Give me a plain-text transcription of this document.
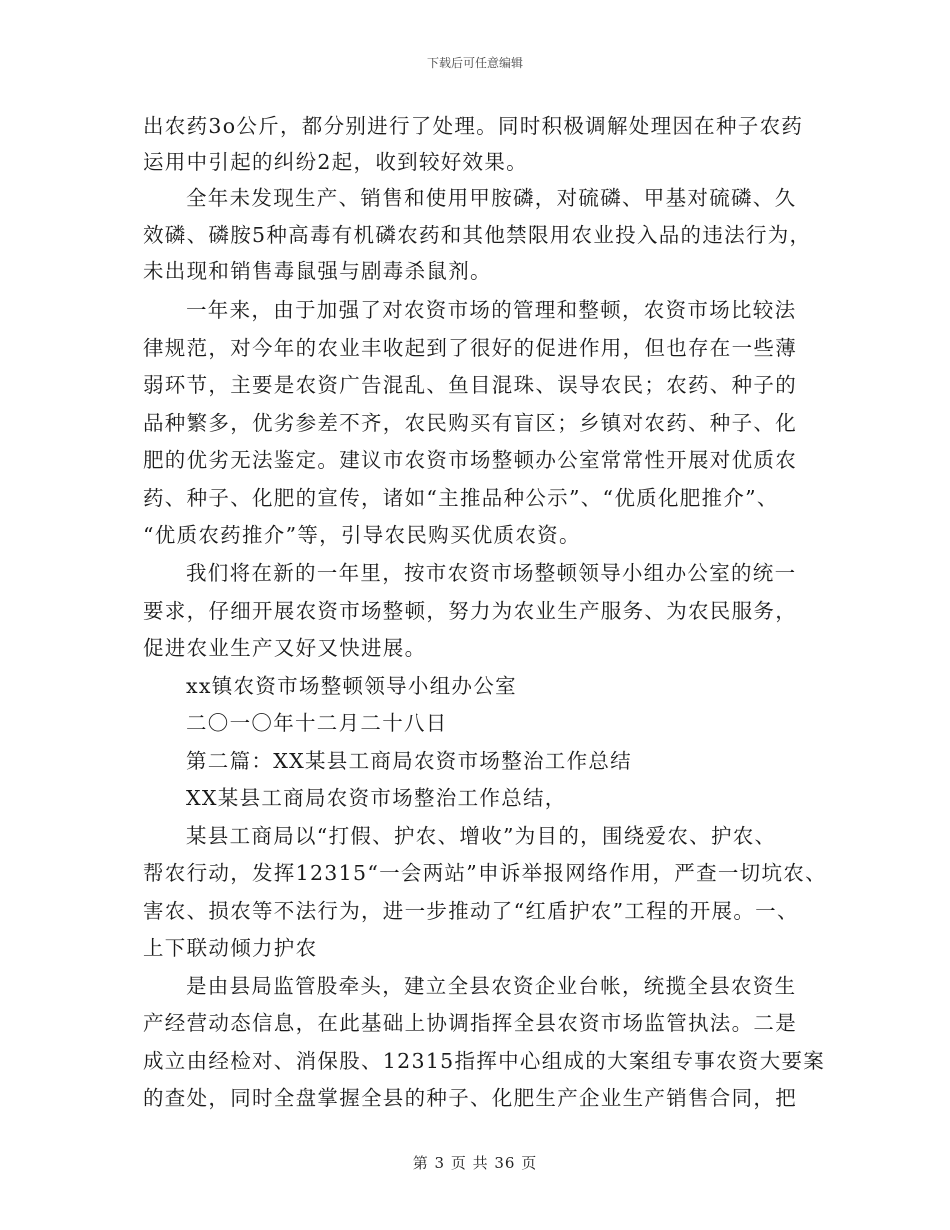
下载后可任意编辑
出农药3o公斤，都分别进行了处理。同时积极调解处理因在种子农药
运用中引起的纠纷2起，收到较好效果。
全年未发现生产、销售和使用甲胺磷，对硫磷、甲基对硫磷、久
效磷、磷胺5种高毒有机磷农药和其他禁限用农业投入品的违法行为，
未出现和销售毒鼠强与剧毒杀鼠剂。
一年来，由于加强了对农资市场的管理和整顿，农资市场比较法
律规范，对今年的农业丰收起到了很好的促进作用，但也存在一些薄
弱环节，主要是农资广告混乱、鱼目混珠、误导农民；农药、种子的
品种繁多，优劣参差不齐，农民购买有盲区；乡镇对农药、种子、化
肥的优劣无法鉴定。建议市农资市场整顿办公室常常性开展对优质农
药、种子、化肥的宣传，诸如“主推品种公示”、“优质化肥推介”、
“优质农药推介”等，引导农民购买优质农资。
我们将在新的一年里，按市农资市场整顿领导小组办公室的统一
要求，仔细开展农资市场整顿，努力为农业生产服务、为农民服务，
促进农业生产又好又快进展。
xx镇农资市场整顿领导小组办公室
二〇一〇年十二月二十八日
第二篇：XX某县工商局农资市场整治工作总结
XX某县工商局农资市场整治工作总结，
某县工商局以“打假、护农、增收”为目的，围绕爱农、护农、
帮农行动，发挥12315“一会两站”申诉举报网络作用，严查一切坑农、
害农、损农等不法行为，进一步推动了“红盾护农”工程的开展。一、
上下联动倾力护农
是由县局监管股牵头，建立全县农资企业台帐，统揽全县农资生
产经营动态信息，在此基础上协调指挥全县农资市场监管执法。二是
成立由经检对、消保股、12315指挥中心组成的大案组专事农资大要案
的查处，同时全盘掌握全县的种子、化肥生产企业生产销售合同，把
第 3 页 共 36 页
